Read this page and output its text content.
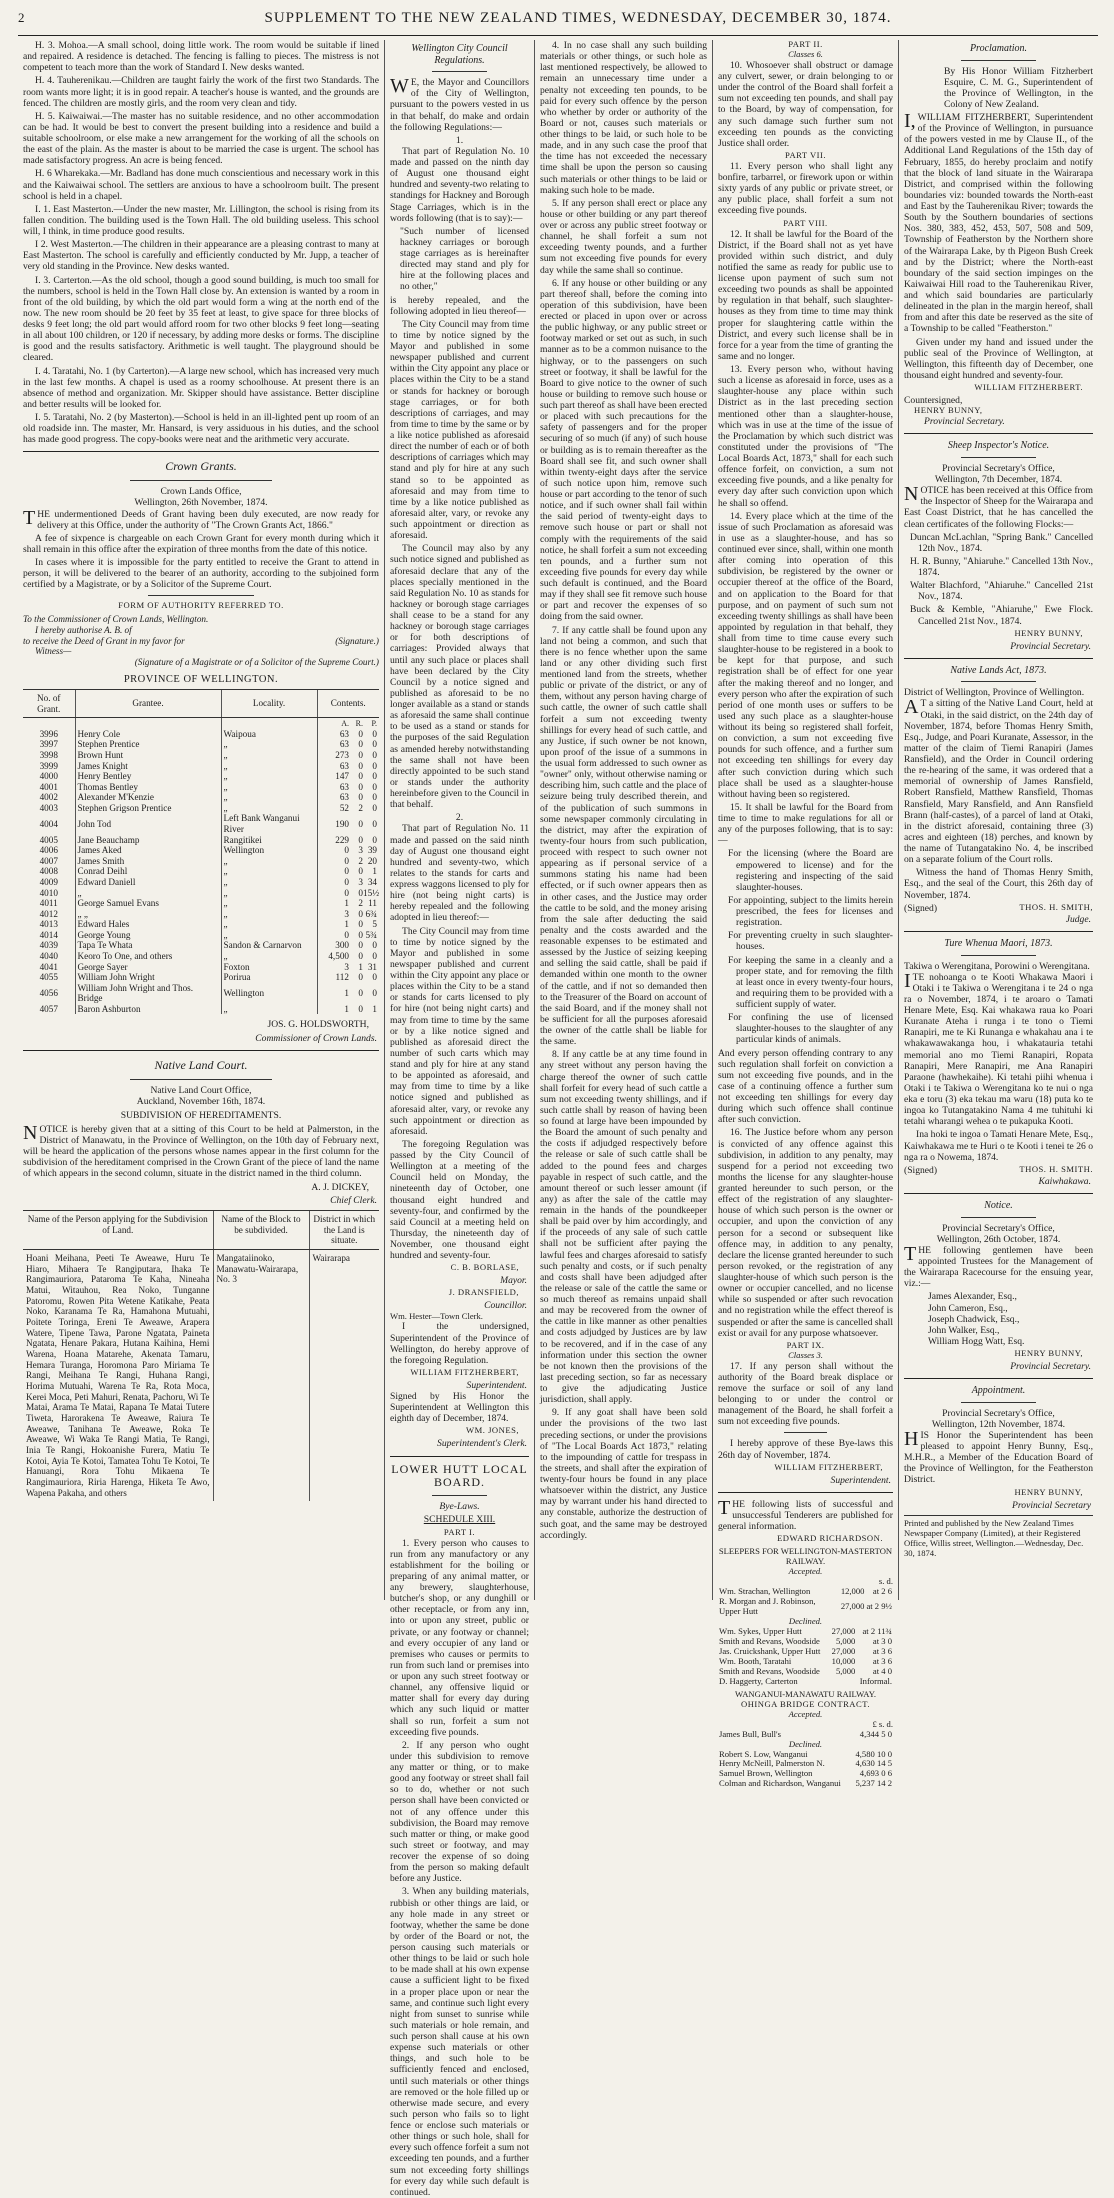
2	SUPPLEMENT TO THE NEW ZEALAND TIMES, WEDNESDAY, DECEMBER 30, 1874.

H. 3. Mohoa.—A small school, doing little work. The room would be suitable if lined and repaired. A residence is detached. The fencing is falling to pieces. The mistress is not competent to teach more than the work of Standard I. New desks wanted.

H. 4. Tauherenikau.—Children are taught fairly the work of the first two Standards. The room wants more light; it is in good repair. A teacher's house is wanted, and the grounds are fenced. The children are mostly girls, and the room very clean and tidy.

H. 5. Kaiwaiwai.—The master has no suitable residence, and no other accommodation can be had. It would be best to convert the present building into a residence and build a suitable schoolroom, or else make a new arrangement for the working of all the schools on the east of the plain. As the master is about to be married the case is urgent. The school has made satisfactory progress. An acre is being fenced.

H. 6 Wharekaka.—Mr. Badland has done much conscientious and necessary work in this and the Kaiwaiwai school. The settlers are anxious to have a schoolroom built. The present school is held in a chapel.

I. 1. East Masterton.—Under the new master, Mr. Lillington, the school is rising from its fallen condition. The building used is the Town Hall. The old building useless. This school will, I think, in time produce good results.

I 2. West Masterton.—The children in their appearance are a pleasing contrast to many at East Masterton. The school is carefully and efficiently conducted by Mr. Jupp, a teacher of very old standing in the Province. New desks wanted.

I. 3. Carterton.—As the old school, though a good sound building, is much too small for the numbers, school is held in the Town Hall close by. An extension is wanted by a room in front of the old building, by which the old part would form a wing at the north end of the now. The new room should be 20 feet by 35 feet at least, to give space for three blocks of desks 9 feet long; the old part would afford room for two other blocks 9 feet long—seating in all about 100 children, or 120 if necessary, by adding more desks or forms. The discipline is good and the results satisfactory. Arithmetic is well taught. The playground should be cleared.

I. 4. Taratahi, No. 1 (by Carterton).—A large new school, which has increased very much in the last few months. A chapel is used as a roomy schoolhouse. At present there is an absence of method and organization. Mr. Skipper should have assistance. Better discipline and better results will be looked for.

I. 5. Taratahi, No. 2 (by Masterton).—School is held in an ill-lighted pent up room of an old roadside inn. The master, Mr. Hansard, is very assiduous in his duties, and the school has made good progress. The copy-books were neat and the arithmetic very accurate.

Crown Grants.
Crown Lands Office,
Wellington, 26th November, 1874.

THE undermentioned Deeds of Grant having been duly executed, are now ready for delivery at this Office, under the authority of "The Crown Grants Act, 1866."

A fee of sixpence is chargeable on each Crown Grant for every month during which it shall remain in this office after the expiration of three months from the date of this notice.

In cases where it is impossible for the party entitled to receive the Grant to attend in person, it will be delivered to the bearer of an authority, according to the subjoined form certified by a Magistrate, or by a Solicitor of the Supreme Court.

FORM OF AUTHORITY REFERRED TO.
To the Commissioner of Crown Lands, Wellington.
I hereby authorise A. B. of
to receive the Deed of Grant in my favor for	(Signature.)
Witness—
(Signature of a Magistrate or of a Solicitor of the Supreme Court.)
PROVINCE OF WELLINGTON.
No. of Grant.	Grantee.	Locality.	Contents.
			A. R. P.
3996	Henry Cole	Waipoua	63 0 0
3997	Stephen Prentice	„	63 0 0
3998	Brown Hunt	„	273 0 0
3999	James Knight	„	63 0 0
4000	Henry Bentley	„	147 0 0
4001	Thomas Bentley	„	63 0 0
4002	Alexander M'Kenzie	„	63 0 0
4003	Stephen Grigson Prentice	„	52 2 0
4004	John Tod	Left Bank Wanganui River	190 0 0
4005	Jane Beauchamp	Rangitikei	229 0 0
4006	James Aked	Wellington	0 3 39
4007	James Smith	„	0 2 20
4008	Conrad Deihl	„	0 0 1
4009	Edward Daniell	„	0 3 34
4010	„	„	0 015½
4011	George Samuel Evans	„	1 2 11
4012	„ „	„	3 0 6¾
4013	Edward Hales	„	1 0 5
4014	George Young	„	0 0 5¾
4039	Tapa Te Whata	Sandon & Carnarvon	300 0 0
4040	Keoro To One, and others	„	4,500 0 0
4041	George Sayer	Foxton	3 1 31
4055	William John Wright	Porirua	112 0 0
4056	William John Wright and Thos. Bridge	Wellington	1 0 0
4057	Baron Ashburton	„	1 0 1
JOS. G. HOLDSWORTH,
Commissioner of Crown Lands.
Native Land Court.
Native Land Court Office,
Auckland, November 16th, 1874.
SUBDIVISION OF HEREDITAMENTS.

NOTICE is hereby given that at a sitting of this Court to be held at Palmerston, in the District of Manawatu, in the Province of Wellington, on the 10th day of February next, will be heard the application of the persons whose names appear in the first column for the subdivision of the hereditament comprised in the Crown Grant of the piece of land the name of which appears in the second column, situate in the district named in the third column.

A. J. DICKEY,
Chief Clerk.
Name of the Person applying for the Subdivision of Land.	Name of the Block to be subdivided.	District in which the Land is situate.
Hoani Meihana, Peeti Te Aweawe, Huru Te Hiaro, Mihaera Te Rangiputara, Ihaka Te Rangimauriora, Pataroma Te Kaha, Nineaha Matui, Witauhou, Rea Noko, Tunganne Patoromu, Rowen Pita Wetene Katikahe, Peata Noko, Karanama Te Ra, Hamahona Mutuahi, Poitete Toringa, Ereni Te Aweawe, Arapera Watere, Tipene Tawa, Parone Ngatata, Paineta Ngatata, Henare Pakara, Hutana Kaihina, Hemi Warena, Hoana Matarehe, Akenata Tamaru, Hemara Turanga, Horomona Paro Miriama Te Rangi, Meihana Te Rangi, Huhana Rangi, Horima Mutuahi, Warena Te Ra, Rota Moca, Kerei Moca, Peti Mahuri, Renata, Pachoru, Wi Te Matai, Arama Te Matai, Rapana Te Matai Tutere Tiweta, Harorakena Te Aweawe, Raiura Te Aweawe, Tanihana Te Aweawe, Roka Te Aweawe, Wi Waka Te Rangi Matia, Te Rangi, Inia Te Rangi, Hokoanishe Furera, Matiu Te Kotoi, Ayia Te Kotoi, Tamatea Tohu Te Kotoi, Te Hanuangi, Rora Tohu Mikaena Te Rangimauriora, Riria Harenga, Hiketa Te Awo, Wapena Pakaha, and others	Mangataiinoko, Manawatu-Wairarapa, No. 3	Wairarapa
Wellington City Council Regulations.

WE, the Mayor and Councillors of the City of Wellington, pursuant to the powers vested in us in that behalf, do make and ordain the following Regulations:—

1.

That part of Regulation No. 10 made and passed on the ninth day of August one thousand eight hundred and seventy-two relating to standings for Hackney and Borough Stage Carriages, which is in the words following (that is to say):—

"Such number of licensed hackney carriages or borough stage carriages as is hereinafter directed may stand and ply for hire at the following places and no other,"

is hereby repealed, and the following adopted in lieu thereof—

The City Council may from time to time by notice signed by the Mayor and published in some newspaper published and current within the City appoint any place or places within the City to be a stand or stands for hackney or borough stage carriages, or for both descriptions of carriages, and may from time to time by the same or by a like notice published as aforesaid direct the number of each or of both descriptions of carriages which may stand and ply for hire at any such stand so to be appointed as aforesaid and may from time to time by a like notice published as aforesaid alter, vary, or revoke any such appointment or direction as aforesaid.

The Council may also by any such notice signed and published as aforesaid declare that any of the places specially mentioned in the said Regulation No. 10 as stands for hackney or borough stage carriages shall cease to be a stand for any hackney or borough stage carriages or for both descriptions of carriages: Provided always that until any such place or places shall have been declared by the City Council by a notice signed and published as aforesaid to be no longer available as a stand or stands as aforesaid the same shall continue to be used as a stand or stands for the purposes of the said Regulation as amended hereby notwithstanding the same shall not have been directly appointed to be such stand or stands under the authority hereinbefore given to the Council in that behalf.

2.

That part of Regulation No. 11 made and passed on the said ninth day of August one thousand eight hundred and seventy-two, which relates to the stands for carts and express waggons licensed to ply for hire (not being night carts) is hereby repealed and the following adopted in lieu thereof:—

The City Council may from time to time by notice signed by the Mayor and published in some newspaper published and current within the City appoint any place or places within the City to be a stand or stands for carts licensed to ply for hire (not being night carts) and may from time to time by the same or by a like notice signed and published as aforesaid direct the number of such carts which may stand and ply for hire at any stand to be appointed as aforesaid, and may from time to time by a like notice signed and published as aforesaid alter, vary, or revoke any such appointment or direction as aforesaid.

The foregoing Regulation was passed by the City Council of Wellington at a meeting of the Council held on Monday, the nineteenth day of October, one thousand eight hundred and seventy-four, and confirmed by the said Council at a meeting held on Thursday, the nineteenth day of November, one thousand eight hundred and seventy-four.

C. B. BORLASE,
Mayor.
J. DRANSFIELD,
Councillor.
Wm. Hester—Town Clerk.

I the undersigned, Superintendent of the Province of Wellington, do hereby approve of the foregoing Regulation.

WILLIAM FITZHERBERT,
Superintendent.

Signed by His Honor the Superintendent at Wellington this eighth day of December, 1874.

WM. JONES,
Superintendent's Clerk.
LOWER HUTT LOCAL BOARD.
Bye-Laws.
SCHEDULE XIII.
PART I.

1. Every person who causes to run from any manufactory or any establishment for the boiling or preparing of any animal matter, or any brewery, slaughterhouse, butcher's shop, or any dunghill or other receptacle, or from any inn, into or upon any street, public or private, or any footway or channel; and every occupier of any land or premises who causes or permits to run from such land or premises into or upon any such street footway or channel, any offensive liquid or matter shall for every day during which any such liquid or matter shall so run, forfeit a sum not exceeding five pounds.

2. If any person who ought under this subdivision to remove any matter or thing, or to make good any footway or street shall fail so to do, whether or not such person shall have been convicted or not of any offence under this subdivision, the Board may remove such matter or thing, or make good such street or footway, and may recover the expense of so doing from the person so making default before any Justice.

3. When any building materials, rubbish or other things are laid, or any hole made in any street or footway, whether the same be done by order of the Board or not, the person causing such materials or other things to be laid or such hole to be made shall at his own expense cause a sufficient light to be fixed in a proper place upon or near the same, and continue such light every night from sunset to sunrise while such materials or hole remain, and such person shall cause at his own expense such materials or other things, and such hole to be sufficiently fenced and enclosed, until such materials or other things are removed or the hole filled up or otherwise made secure, and every such person who fails so to light fence or enclose such materials or other things or such hole, shall for every such offence forfeit a sum not exceeding ten pounds, and a further sum not exceeding forty shillings for every day while such default is continued.

4. In no case shall any such building materials or other things, or such hole as last mentioned respectively, be allowed to remain an unnecessary time under a penalty not exceeding ten pounds, to be paid for every such offence by the person who whether by order or authority of the Board or not, causes such materials or other things to be laid, or such hole to be made, and in any such case the proof that the time has not exceeded the necessary time shall be upon the person so causing such materials or other things to be laid or making such hole to be made.

5. If any person shall erect or place any house or other building or any part thereof over or across any public street footway or channel, he shall forfeit a sum not exceeding twenty pounds, and a further sum not exceeding five pounds for every day while the same shall so continue.

6. If any house or other building or any part thereof shall, before the coming into operation of this subdivision, have been erected or placed in upon over or across the public highway, or any public street or footway marked or set out as such, in such manner as to be a common nuisance to the highway, or to the passengers on such street or footway, it shall be lawful for the Board to give notice to the owner of such house or building to remove such house or such part thereof as shall have been erected or placed with such precautions for the safety of passengers and for the proper securing of so much (if any) of such house or building as is to remain thereafter as the Board shall see fit, and such owner shall within twenty-eight days after the service of such notice upon him, remove such house or part according to the tenor of such notice, and if such owner shall fail within the said period of twenty-eight days to remove such house or part or shall not comply with the requirements of the said notice, he shall forfeit a sum not exceeding ten pounds, and a further sum not exceeding five pounds for every day while such default is continued, and the Board may if they shall see fit remove such house or part and recover the expenses of so doing from the said owner.

7. If any cattle shall be found upon any land not being a common, and such that there is no fence whether upon the same land or any other dividing such first mentioned land from the streets, whether public or private of the district, or any of them, without any person having charge of such cattle, the owner of such cattle shall forfeit a sum not exceeding twenty shillings for every head of such cattle, and any Justice, if such owner be not known, upon proof of the issue of a summons in the usual form addressed to such owner as "owner" only, without otherwise naming or describing him, such cattle and the place of seizure being truly described therein, and of the publication of such summons in some newspaper commonly circulating in the district, may after the expiration of twenty-four hours from such publication, proceed with respect to such owner not appearing as if personal service of a summons stating his name had been effected, or if such owner appears then as in other cases, and the Justice may order the cattle to be sold, and the money arising from the sale after deducting the said penalty and the costs awarded and the reasonable expenses to be estimated and assessed by the Justice of seizing keeping and selling the said cattle, shall be paid if demanded within one month to the owner of the cattle, and if not so demanded then to the Treasurer of the Board on account of the said Board, and if the money shall not be sufficient for all the purposes aforesaid the owner of the cattle shall be liable for the same.

8. If any cattle be at any time found in any street without any person having the charge thereof the owner of such cattle shall forfeit for every head of such cattle a sum not exceeding twenty shillings, and if such cattle shall by reason of having been so found at large have been impounded by the Board the amount of such penalty and the costs if adjudged respectively before the release or sale of such cattle shall be added to the pound fees and charges payable in respect of such cattle, and the amount thereof or such lesser amount (if any) as after the sale of the cattle may remain in the hands of the poundkeeper shall be paid over by him accordingly, and if the proceeds of any sale of such cattle shall not be sufficient after paying the lawful fees and charges aforesaid to satisfy such penalty and costs, or if such penalty and costs shall have been adjudged after the release or sale of the cattle the same or so much thereof as remains unpaid shall and may be recovered from the owner of the cattle in like manner as other penalties and costs adjudged by Justices are by law to be recovered, and if in the case of any information under this section the owner be not known then the provisions of the last preceding section, so far as necessary to give the adjudicating Justice jurisdiction, shall apply.

9. If any goat shall have been sold under the provisions of the two last preceding sections, or under the provisions of "The Local Boards Act 1873," relating to the impounding of cattle for trespass in the streets, and shall after the expiration of twenty-four hours be found in any place whatsoever within the district, any Justice may by warrant under his hand directed to any constable, authorize the destruction of such goat, and the same may be destroyed accordingly.

PART II.
Classes 6.

10. Whosoever shall obstruct or damage any culvert, sewer, or drain belonging to or under the control of the Board shall forfeit a sum not exceeding ten pounds, and shall pay to the Board, by way of compensation, for any such damage such further sum not exceeding ten pounds as the convicting Justice shall order.

PART VII.

11. Every person who shall light any bonfire, tarbarrel, or firework upon or within sixty yards of any public or private street, or any public place, shall forfeit a sum not exceeding five pounds.

PART VIII.

12. It shall be lawful for the Board of the District, if the Board shall not as yet have provided within such district, and duly notified the same as ready for public use to license upon payment of such sum not exceeding two pounds as shall be appointed by regulation in that behalf, such slaughter-houses as they from time to time may think proper for slaughtering cattle within the District, and every such license shall be in force for a year from the time of granting the same and no longer.

13. Every person who, without having such a license as aforesaid in force, uses as a slaughter-house any place within such District as in the last preceding section mentioned other than a slaughter-house, which was in use at the time of the issue of the Proclamation by which such district was constituted under the provisions of "The Local Boards Act, 1873," shall for each such offence forfeit, on conviction, a sum not exceeding five pounds, and a like penalty for every day after such conviction upon which he shall so offend.

14. Every place which at the time of the issue of such Proclamation as aforesaid was in use as a slaughter-house, and has so continued ever since, shall, within one month after coming into operation of this subdivision, be registered by the owner or occupier thereof at the office of the Board, and on application to the Board for that purpose, and on payment of such sum not exceeding twenty shillings as shall have been appointed by regulation in that behalf, they shall from time to time cause every such slaughter-house to be registered in a book to be kept for that purpose, and such registration shall be of effect for one year after the making thereof and no longer, and every person who after the expiration of such period of one month uses or suffers to be used any such place as a slaughter-house without its being so registered shall forfeit, on conviction, a sum not exceeding five pounds for such offence, and a further sum not exceeding ten shillings for every day after such conviction during which such place shall be used as a slaughter-house without having been so registered.

15. It shall be lawful for the Board from time to time to make regulations for all or any of the purposes following, that is to say:—

For the licensing (where the Board are empowered to license) and for the registering and inspecting of the said slaughter-houses.

For appointing, subject to the limits herein prescribed, the fees for licenses and registration.

For preventing cruelty in such slaughter-houses.

For keeping the same in a cleanly and a proper state, and for removing the filth at least once in every twenty-four hours, and requiring them to be provided with a sufficient supply of water.

For confining the use of licensed slaughter-houses to the slaughter of any particular kinds of animals.

And every person offending contrary to any such regulation shall forfeit on conviction a sum not exceeding five pounds, and in the case of a continuing offence a further sum not exceeding ten shillings for every day during which such offence shall continue after such conviction.

16. The Justice before whom any person is convicted of any offence against this subdivision, in addition to any penalty, may suspend for a period not exceeding two months the license for any slaughter-house granted hereunder to such person, or the effect of the registration of any slaughter-house of which such person is the owner or occupier, and upon the conviction of any person for a second or subsequent like offence may, in addition to any penalty, declare the license granted hereunder to such person revoked, or the registration of any slaughter-house of which such person is the owner or occupier cancelled, and no license while so suspended or after such revocation and no registration while the effect thereof is suspended or after the same is cancelled shall exist or avail for any purpose whatsoever.

PART IX.
Classes 3.

17. If any person shall without the authority of the Board break displace or remove the surface or soil of any land belonging to or under the control or management of the Board, he shall forfeit a sum not exceeding five pounds.

I hereby approve of these Bye-laws this 26th day of November, 1874.

WILLIAM FITZHERBERT,
Superintendent.

THE following lists of successful and unsuccessful Tenderers are published for general information.

EDWARD RICHARDSON.
SLEEPERS FOR WELLINGTON-MASTERTON RAILWAY.
Accepted.
s. d.
Wm. Strachan, Wellington	12,000	at 2 6
R. Morgan and J. Robinson, Upper Hutt	27,000	at 2 9½
Declined.
Wm. Sykes, Upper Hutt	27,000	at 2 11¾
Smith and Revans, Woodside	5,000	at 3 0
Jas. Cruickshank, Upper Hutt	27,000	at 3 6
Wm. Booth, Taratahi	10,000	at 3 6
Smith and Revans, Woodside	5,000	at 4 0
D. Haggerty, Carterton		Informal.
WANGANUI-MANAWATU RAILWAY.
OHINGA BRIDGE CONTRACT.
Accepted.
£ s. d.
James Bull, Bull's	4,344 5 0
Declined.
Robert S. Low, Wanganui	4,580 10 0
Henry McNeill, Palmerston N.	4,630 14 5
Samuel Brown, Wellington	4,693 0 6
Colman and Richardson, Wanganui	5,237 14 2
Proclamation.

By His Honor William Fitzherbert Esquire, C. M. G., Superintendent of the Province of Wellington, in the Colony of New Zealand.

I,WILLIAM FITZHERBERT, Superintendent of the Province of Wellington, in pursuance of the powers vested in me by Clause II., of the Additional Land Regulations of the 15th day of February, 1855, do hereby proclaim and notify that the block of land situate in the Wairarapa District, and comprised within the following boundaries viz: bounded towards the North-east and East by the Tauherenikau River; towards the South by the Southern boundaries of sections Nos. 380, 383, 452, 453, 507, 508 and 509, Township of Featherston by the Northern shore of the Wairarapa Lake, by th Pigeon Bush Creek and by the District; where the North-east boundary of the said section impinges on the Kaiwaiwai Hill road to the Tauherenikau River, and which said boundaries are particularly delineated in the plan in the margin hereof, shall from and after this date be reserved as the site of a Township to be called "Featherston."

Given under my hand and issued under the public seal of the Province of Wellington, at Wellington, this fifteenth day of December, one thousand eight hundred and seventy-four.

WILLIAM FITZHERBERT.
Countersigned,
HENRY BUNNY,
Provincial Secretary.
Sheep Inspector's Notice.
Provincial Secretary's Office,
Wellington, 7th December, 1874.

NOTICE has been received at this Office from the Inspector of Sheep for the Wairarapa and East Coast District, that he has cancelled the clean certificates of the following Flocks:—

Duncan McLachlan, "Spring Bank." Cancelled 12th Nov., 1874.

H. R. Bunny, "Ahiaruhe." Cancelled 13th Nov., 1874.

Walter Blachford, "Ahiaruhe." Cancelled 21st Nov., 1874.

Buck & Kemble, "Ahiaruhe," Ewe Flock. Cancelled 21st Nov., 1874.

HENRY BUNNY,
Provincial Secretary.
Native Lands Act, 1873.
District of Wellington, Province of Wellington.

AT a sitting of the Native Land Court, held at Otaki, in the said district, on the 24th day of November, 1874, before Thomas Henry Smith, Esq., Judge, and Poari Kuranate, Assessor, in the matter of the claim of Tiemi Ranapiri (James Ransfield), and the Order in Council ordering the re-hearing of the same, it was ordered that a memorial of ownership of James Ransfield, Robert Ransfield, Matthew Ransfield, Thomas Ransfield, Mary Ransfield, and Ann Ransfield Brann (half-castes), of a parcel of land at Otaki, in the district aforesaid, containing three (3) acres and eighteen (18) perches, and known by the name of Tutangatakino No. 4, be inscribed on a separate folium of the Court rolls.

Witness the hand of Thomas Henry Smith, Esq., and the seal of the Court, this 26th day of November, 1874.

(Signed)	THOS. H. SMITH,
Judge.
Ture Whenua Maori, 1873.
Takiwa o Werengitana, Porowini o Werengitana.

ITE nohoanga o te Kooti Whakawa Maori i Otaki i te Takiwa o Werengitana i te 24 o nga ra o November, 1874, i te aroaro o Tamati Henare Mete, Esq. Kai whakawa raua ko Poari Kuranate Ateha i runga i te tono o Tiemi Ranapiri, me te Ki Runanga e whakahau ana i te whakawawakanga hou, i whakatauria tetahi memorial ano mo Tiemi Ranapiri, Ropata Ranapiri, Mere Ranapiri, me Ana Ranapiri Paraone (hawhekaihe). Ki tetahi piihi whenua i Otaki i te Takiwa o Werengitana ko te nui o nga eka e toru (3) eka tekau ma waru (18) puta ko te ingoa ko Tutangatakino Nama 4 me tuhituhi ki tetahi wharangi wehea o te pukapuka Kooti.

Ina hoki te ingoa o Tamati Henare Mete, Esq., Kaiwhakawa me te Huri o te Kooti i tenei te 26 o nga ra o Nowema, 1874.

(Signed)	THOS. H. SMITH.
Kaiwhakawa.
Notice.
Provincial Secretary's Office,
Wellington, 26th October, 1874.

THE following gentlemen have been appointed Trustees for the Management of the Wairarapa Racecourse for the ensuing year, viz.:—

James Alexander, Esq.,
John Cameron, Esq.,
Joseph Chadwick, Esq.,
John Walker, Esq.,
William Hogg Watt, Esq.
HENRY BUNNY,
Provincial Secretary.
Appointment.
Provincial Secretary's Office,
Wellington, 12th November, 1874.

HIS Honor the Superintendent has been pleased to appoint Henry Bunny, Esq., M.H.R., a Member of the Education Board of the Province of Wellington, for the Featherston District.

HENRY BUNNY,
Provincial Secretary
Printed and published by the New Zealand Times Newspaper Company (Limited), at their Registered Office, Willis street, Wellington.—Wednesday, Dec. 30, 1874.
